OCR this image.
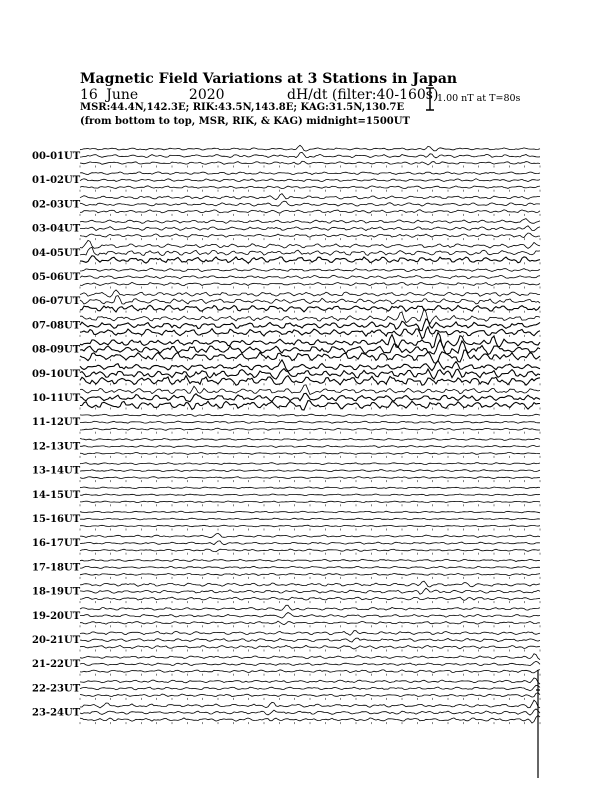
00-01UT
01-02UT
02-03UT
03-04UT
04-05UT
05-06UT
06-07UT
07-08UT
08-09UT
09-10UT
10-11UT
11-12UT
12-13UT
13-14UT
14-15UT
15-16UT
16-17UT
17-18UT
18-19UT
19-20UT
20-21UT
21-22UT
22-23UT
23-24UT
Magnetic Field Variations at 3 Stations in Japan
16 June	2020	dH/dt (filter:40-160s)
MSR:44.4N,142.3E; RIK:43.5N,143.8E; KAG:31.5N,130.7E
(from bottom to top, MSR, RIK, & KAG) midnight=1500UT
1.00 nT at T=80s
